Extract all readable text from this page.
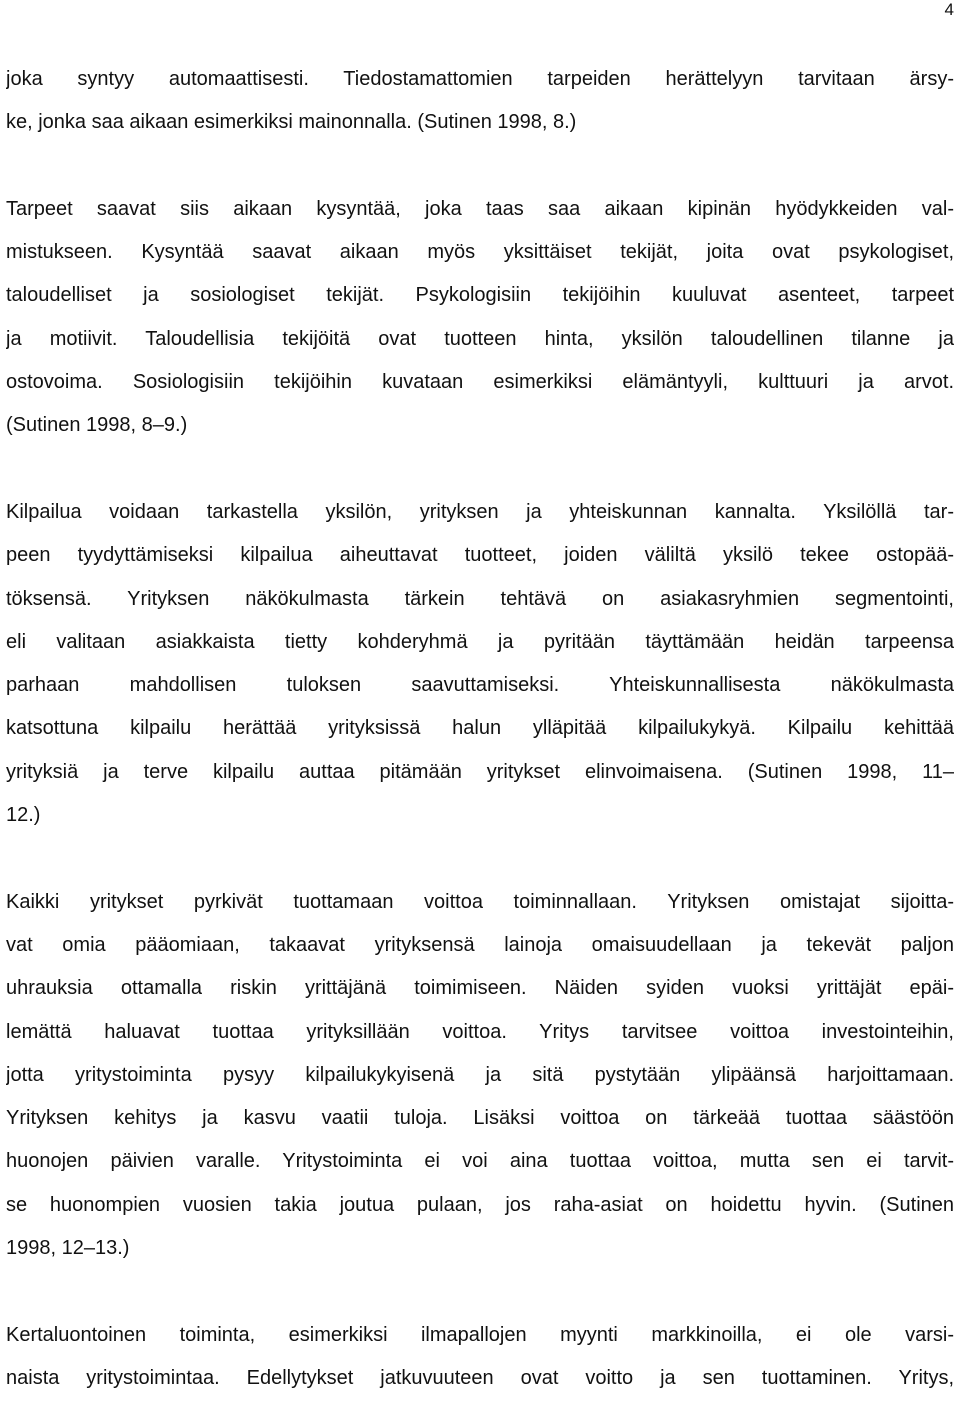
4
joka syntyy automaattisesti. Tiedostamattomien tarpeiden herättelyyn tarvitaan ärsy-
ke, jonka saa aikaan esimerkiksi mainonnalla. (Sutinen 1998, 8.)
Tarpeet saavat siis aikaan kysyntää, joka taas saa aikaan kipinän hyödykkeiden val-
mistukseen. Kysyntää saavat aikaan myös yksittäiset tekijät, joita ovat psykologiset,
taloudelliset ja sosiologiset tekijät. Psykologisiin tekijöihin kuuluvat asenteet, tarpeet
ja motiivit. Taloudellisia tekijöitä ovat tuotteen hinta, yksilön taloudellinen tilanne ja
ostovoima. Sosiologisiin tekijöihin kuvataan esimerkiksi elämäntyyli, kulttuuri ja arvot.
(Sutinen 1998, 8–9.)
Kilpailua voidaan tarkastella yksilön, yrityksen ja yhteiskunnan kannalta. Yksilöllä tar-
peen tyydyttämiseksi kilpailua aiheuttavat tuotteet, joiden väliltä yksilö tekee ostopää-
töksensä. Yrityksen näkökulmasta tärkein tehtävä on asiakasryhmien segmentointi,
eli valitaan asiakkaista tietty kohderyhmä ja pyritään täyttämään heidän tarpeensa
parhaan mahdollisen tuloksen saavuttamiseksi. Yhteiskunnallisesta näkökulmasta
katsottuna kilpailu herättää yrityksissä halun ylläpitää kilpailukykyä. Kilpailu kehittää
yrityksiä ja terve kilpailu auttaa pitämään yritykset elinvoimaisena. (Sutinen 1998, 11–
12.)
Kaikki yritykset pyrkivät tuottamaan voittoa toiminnallaan. Yrityksen omistajat sijoitta-
vat omia pääomiaan, takaavat yrityksensä lainoja omaisuudellaan ja tekevät paljon
uhrauksia ottamalla riskin yrittäjänä toimimiseen. Näiden syiden vuoksi yrittäjät epäi-
lemättä haluavat tuottaa yrityksillään voittoa. Yritys tarvitsee voittoa investointeihin,
jotta yritystoiminta pysyy kilpailukykyisenä ja sitä pystytään ylipäänsä harjoittamaan.
Yrityksen kehitys ja kasvu vaatii tuloja. Lisäksi voittoa on tärkeää tuottaa säästöön
huonojen päivien varalle. Yritystoiminta ei voi aina tuottaa voittoa, mutta sen ei tarvit-
se huonompien vuosien takia joutua pulaan, jos raha-asiat on hoidettu hyvin. (Sutinen
1998, 12–13.)
Kertaluontoinen toiminta, esimerkiksi ilmapallojen myynti markkinoilla, ei ole varsi-
naista yritystoimintaa. Edellytykset jatkuvuuteen ovat voitto ja sen tuottaminen. Yritys,
